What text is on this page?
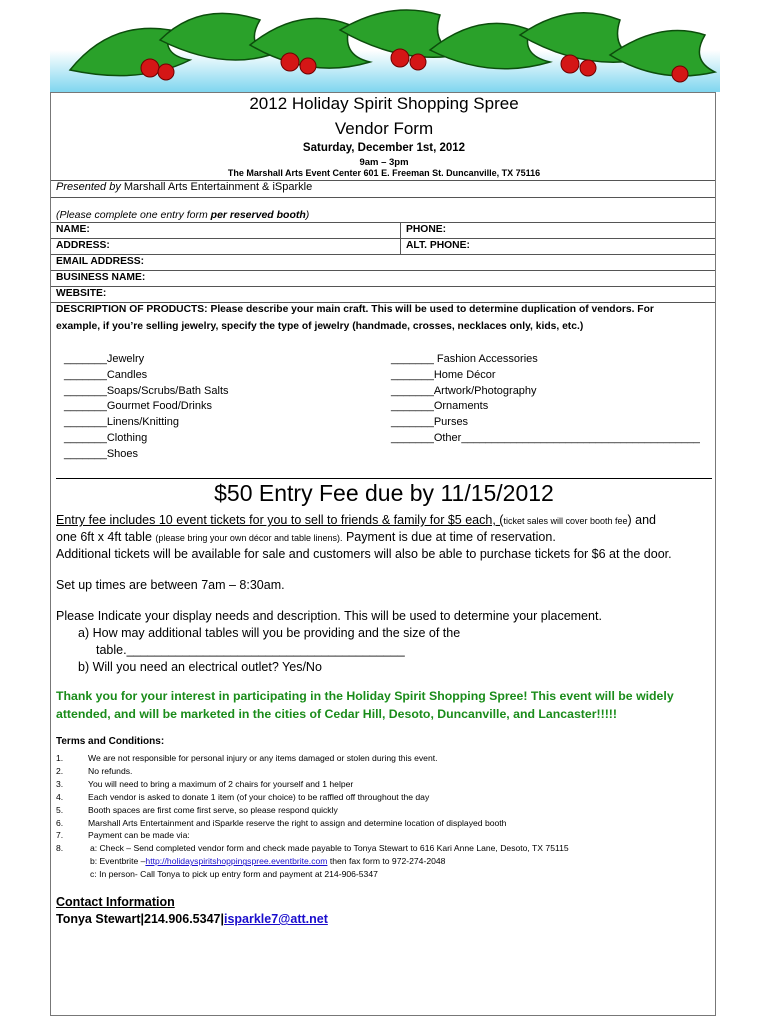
2012 Holiday Spirit Shopping Spree
Vendor Form
Saturday, December 1st, 2012
9am – 3pm
The Marshall Arts Event Center 601 E. Freeman St. Duncanville, TX 75116
Presented by Marshall Arts Entertainment & iSparkle
(Please complete one entry form per reserved booth)
NAME:	PHONE:
ADDRESS:	ALT. PHONE:
EMAIL ADDRESS:
BUSINESS NAME:
WEBSITE:
DESCRIPTION OF PRODUCTS: Please describe your main craft. This will be used to determine duplication of vendors. For
example, if you’re selling jewelry, specify the type of jewelry (handmade, crosses, necklaces only, kids, etc.)
_______Jewelry
_______Candles
_______Soaps/Scrubs/Bath Salts
_______Gourmet Food/Drinks
_______Linens/Knitting
_______Clothing
_______Shoes
_______ Fashion Accessories
_______Home Décor
_______Artwork/Photography
_______Ornaments
_______Purses
_______Other_______________________________________
$50 Entry Fee due by 11/15/2012
Entry fee includes 10 event tickets for you to sell to friends & family for $5 each, (ticket sales will cover booth fee) and
one 6ft x 4ft table (please bring your own décor and table linens). Payment is due at time of reservation.
Additional tickets will be available for sale and customers will also be able to purchase tickets for $6 at the door.
Set up times are between 7am – 8:30am.
Please Indicate your display needs and description. This will be used to determine your placement.
a) How may additional tables will you be providing and the size of the
table.________________________________________
b) Will you need an electrical outlet? Yes/No
Thank you for your interest in participating in the Holiday Spirit Shopping Spree! This event will be widely
attended, and will be marketed in the cities of Cedar Hill, Desoto, Duncanville, and Lancaster!!!!!
Terms and Conditions:
1.
2.
3.
4.
5.
6.
7.
8.
We are not responsible for personal injury or any items damaged or stolen during this event.
No refunds.
You will need to bring a maximum of 2 chairs for yourself and 1 helper
Each vendor is asked to donate 1 item (of your choice) to be raffled off throughout the day
Booth spaces are first come first serve, so please respond quickly
Marshall Arts Entertainment and iSparkle reserve the right to assign and determine location of displayed booth
Payment can be made via:
a: Check – Send completed vendor form and check made payable to Tonya Stewart to 616 Kari Anne Lane, Desoto, TX 75115
b: Eventbrite –http://holidayspiritshoppingspree.eventbrite.com then fax form to 972-274-2048
c: In person- Call Tonya to pick up entry form and payment at 214-906-5347
Contact Information
Tonya Stewart|214.906.5347|isparkle7@att.net
